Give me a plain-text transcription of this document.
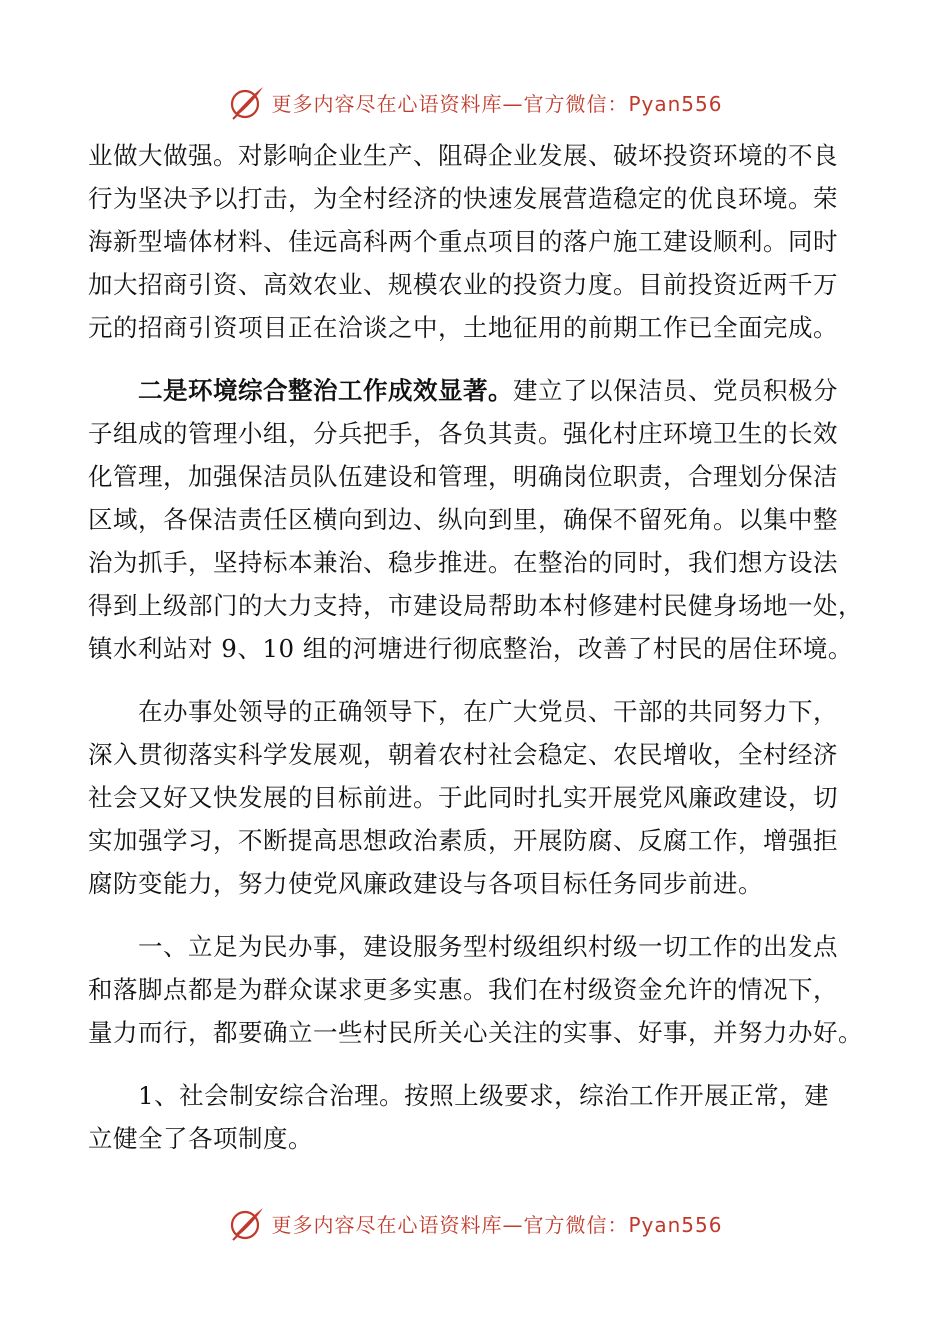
更多内容尽在心语资料库—官方微信：Pyan556

业做大做强。对影响企业生产、阻碍企业发展、破坏投资环境的不良
行为坚决予以打击，为全村经济的快速发展营造稳定的优良环境。荣
海新型墙体材料、佳远高科两个重点项目的落户施工建设顺利。同时
加大招商引资、高效农业、规模农业的投资力度。目前投资近两千万
元的招商引资项目正在洽谈之中，土地征用的前期工作已全面完成。

二是环境综合整治工作成效显著。建立了以保洁员、党员积极分
子组成的管理小组，分兵把手，各负其责。强化村庄环境卫生的长效
化管理，加强保洁员队伍建设和管理，明确岗位职责，合理划分保洁
区域，各保洁责任区横向到边、纵向到里，确保不留死角。以集中整
治为抓手，坚持标本兼治、稳步推进。在整治的同时，我们想方设法
得到上级部门的大力支持，市建设局帮助本村修建村民健身场地一处，
镇水利站对 9、10 组的河塘进行彻底整治，改善了村民的居住环境。

在办事处领导的正确领导下，在广大党员、干部的共同努力下，
深入贯彻落实科学发展观，朝着农村社会稳定、农民增收，全村经济
社会又好又快发展的目标前进。于此同时扎实开展党风廉政建设，切
实加强学习，不断提高思想政治素质，开展防腐、反腐工作，增强拒
腐防变能力，努力使党风廉政建设与各项目标任务同步前进。

一、立足为民办事，建设服务型村级组织村级一切工作的出发点
和落脚点都是为群众谋求更多实惠。我们在村级资金允许的情况下，
量力而行，都要确立一些村民所关心关注的实事、好事，并努力办好。

1、社会制安综合治理。按照上级要求，综治工作开展正常，建
立健全了各项制度。

更多内容尽在心语资料库—官方微信：Pyan556
